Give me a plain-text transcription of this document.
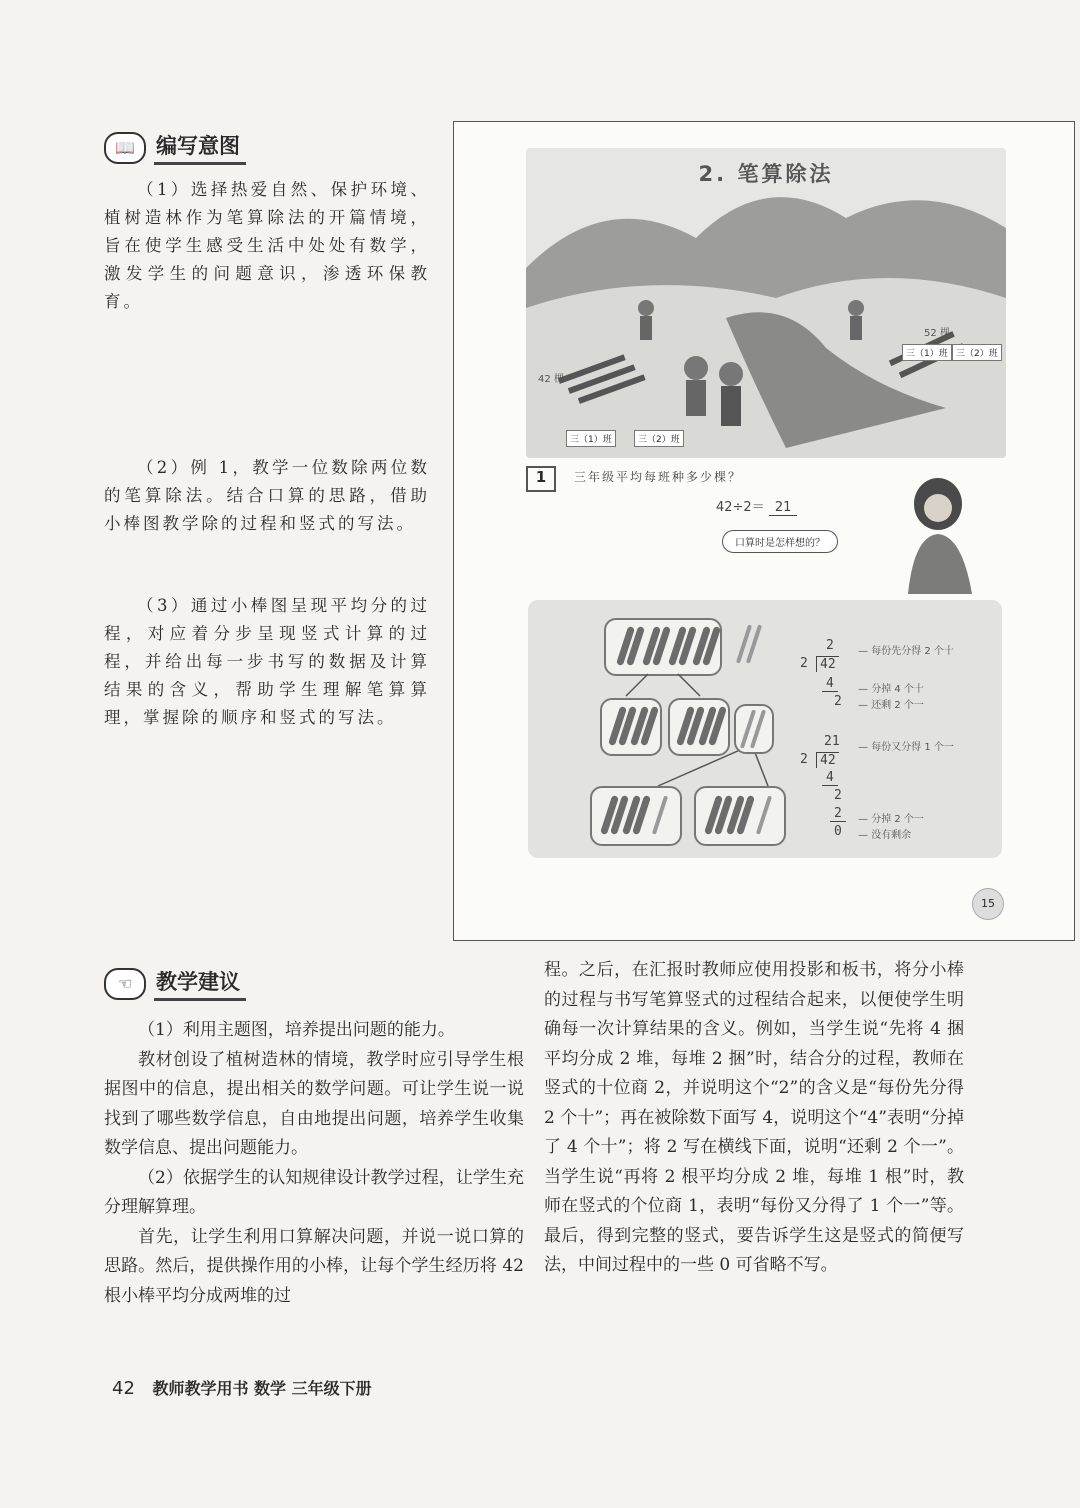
📖	编写意图
（1）选择热爱自然、保护环境、植树造林作为笔算除法的开篇情境，旨在使学生感受生活中处处有数学，激发学生的问题意识，渗透环保教育。
（2）例 1，教学一位数除两位数的笔算除法。结合口算的思路，借助小棒图教学除的过程和竖式的写法。
（3）通过小棒图呈现平均分的过程，对应着分步呈现竖式计算的过程，并给出每一步书写的数据及计算结果的含义，帮助学生理解笔算算理，掌握除的顺序和竖式的写法。
2. 笔算除法
42 棵
52 棵
三（1）班	三（2）班
三（1）班 三（2）班
1	三年级平均每班种多少棵？
42÷2＝ 21
口算时是怎样想的？
2
2 42
4
2
21
2 42
4
2
2
0
— 每份先分得 2 个十
— 分掉 4 个十
— 还剩 2 个一
— 每份又分得 1 个一
— 分掉 2 个一
— 没有剩余
15
☜	教学建议

（1）利用主题图，培养提出问题的能力。

教材创设了植树造林的情境，教学时应引导学生根据图中的信息，提出相关的数学问题。可让学生说一说找到了哪些数学信息，自由地提出问题，培养学生收集数学信息、提出问题能力。

（2）依据学生的认知规律设计教学过程，让学生充分理解算理。

首先，让学生利用口算解决问题，并说一说口算的思路。然后，提供操作用的小棒，让每个学生经历将 42 根小棒平均分成两堆的过

程。之后，在汇报时教师应使用投影和板书，将分小棒的过程与书写笔算竖式的过程结合起来，以便使学生明确每一次计算结果的含义。例如，当学生说“先将 4 捆平均分成 2 堆，每堆 2 捆”时，结合分的过程，教师在竖式的十位商 2，并说明这个“2”的含义是“每份先分得 2 个十”；再在被除数下面写 4，说明这个“4”表明“分掉了 4 个十”；将 2 写在横线下面，说明“还剩 2 个一”。当学生说“再将 2 根平均分成 2 堆，每堆 1 根”时，教师在竖式的个位商 1，表明“每份又分得了 1 个一”等。最后，得到完整的竖式，要告诉学生这是竖式的简便写法，中间过程中的一些 0 可省略不写。

42 教师教学用书 数学 三年级下册
